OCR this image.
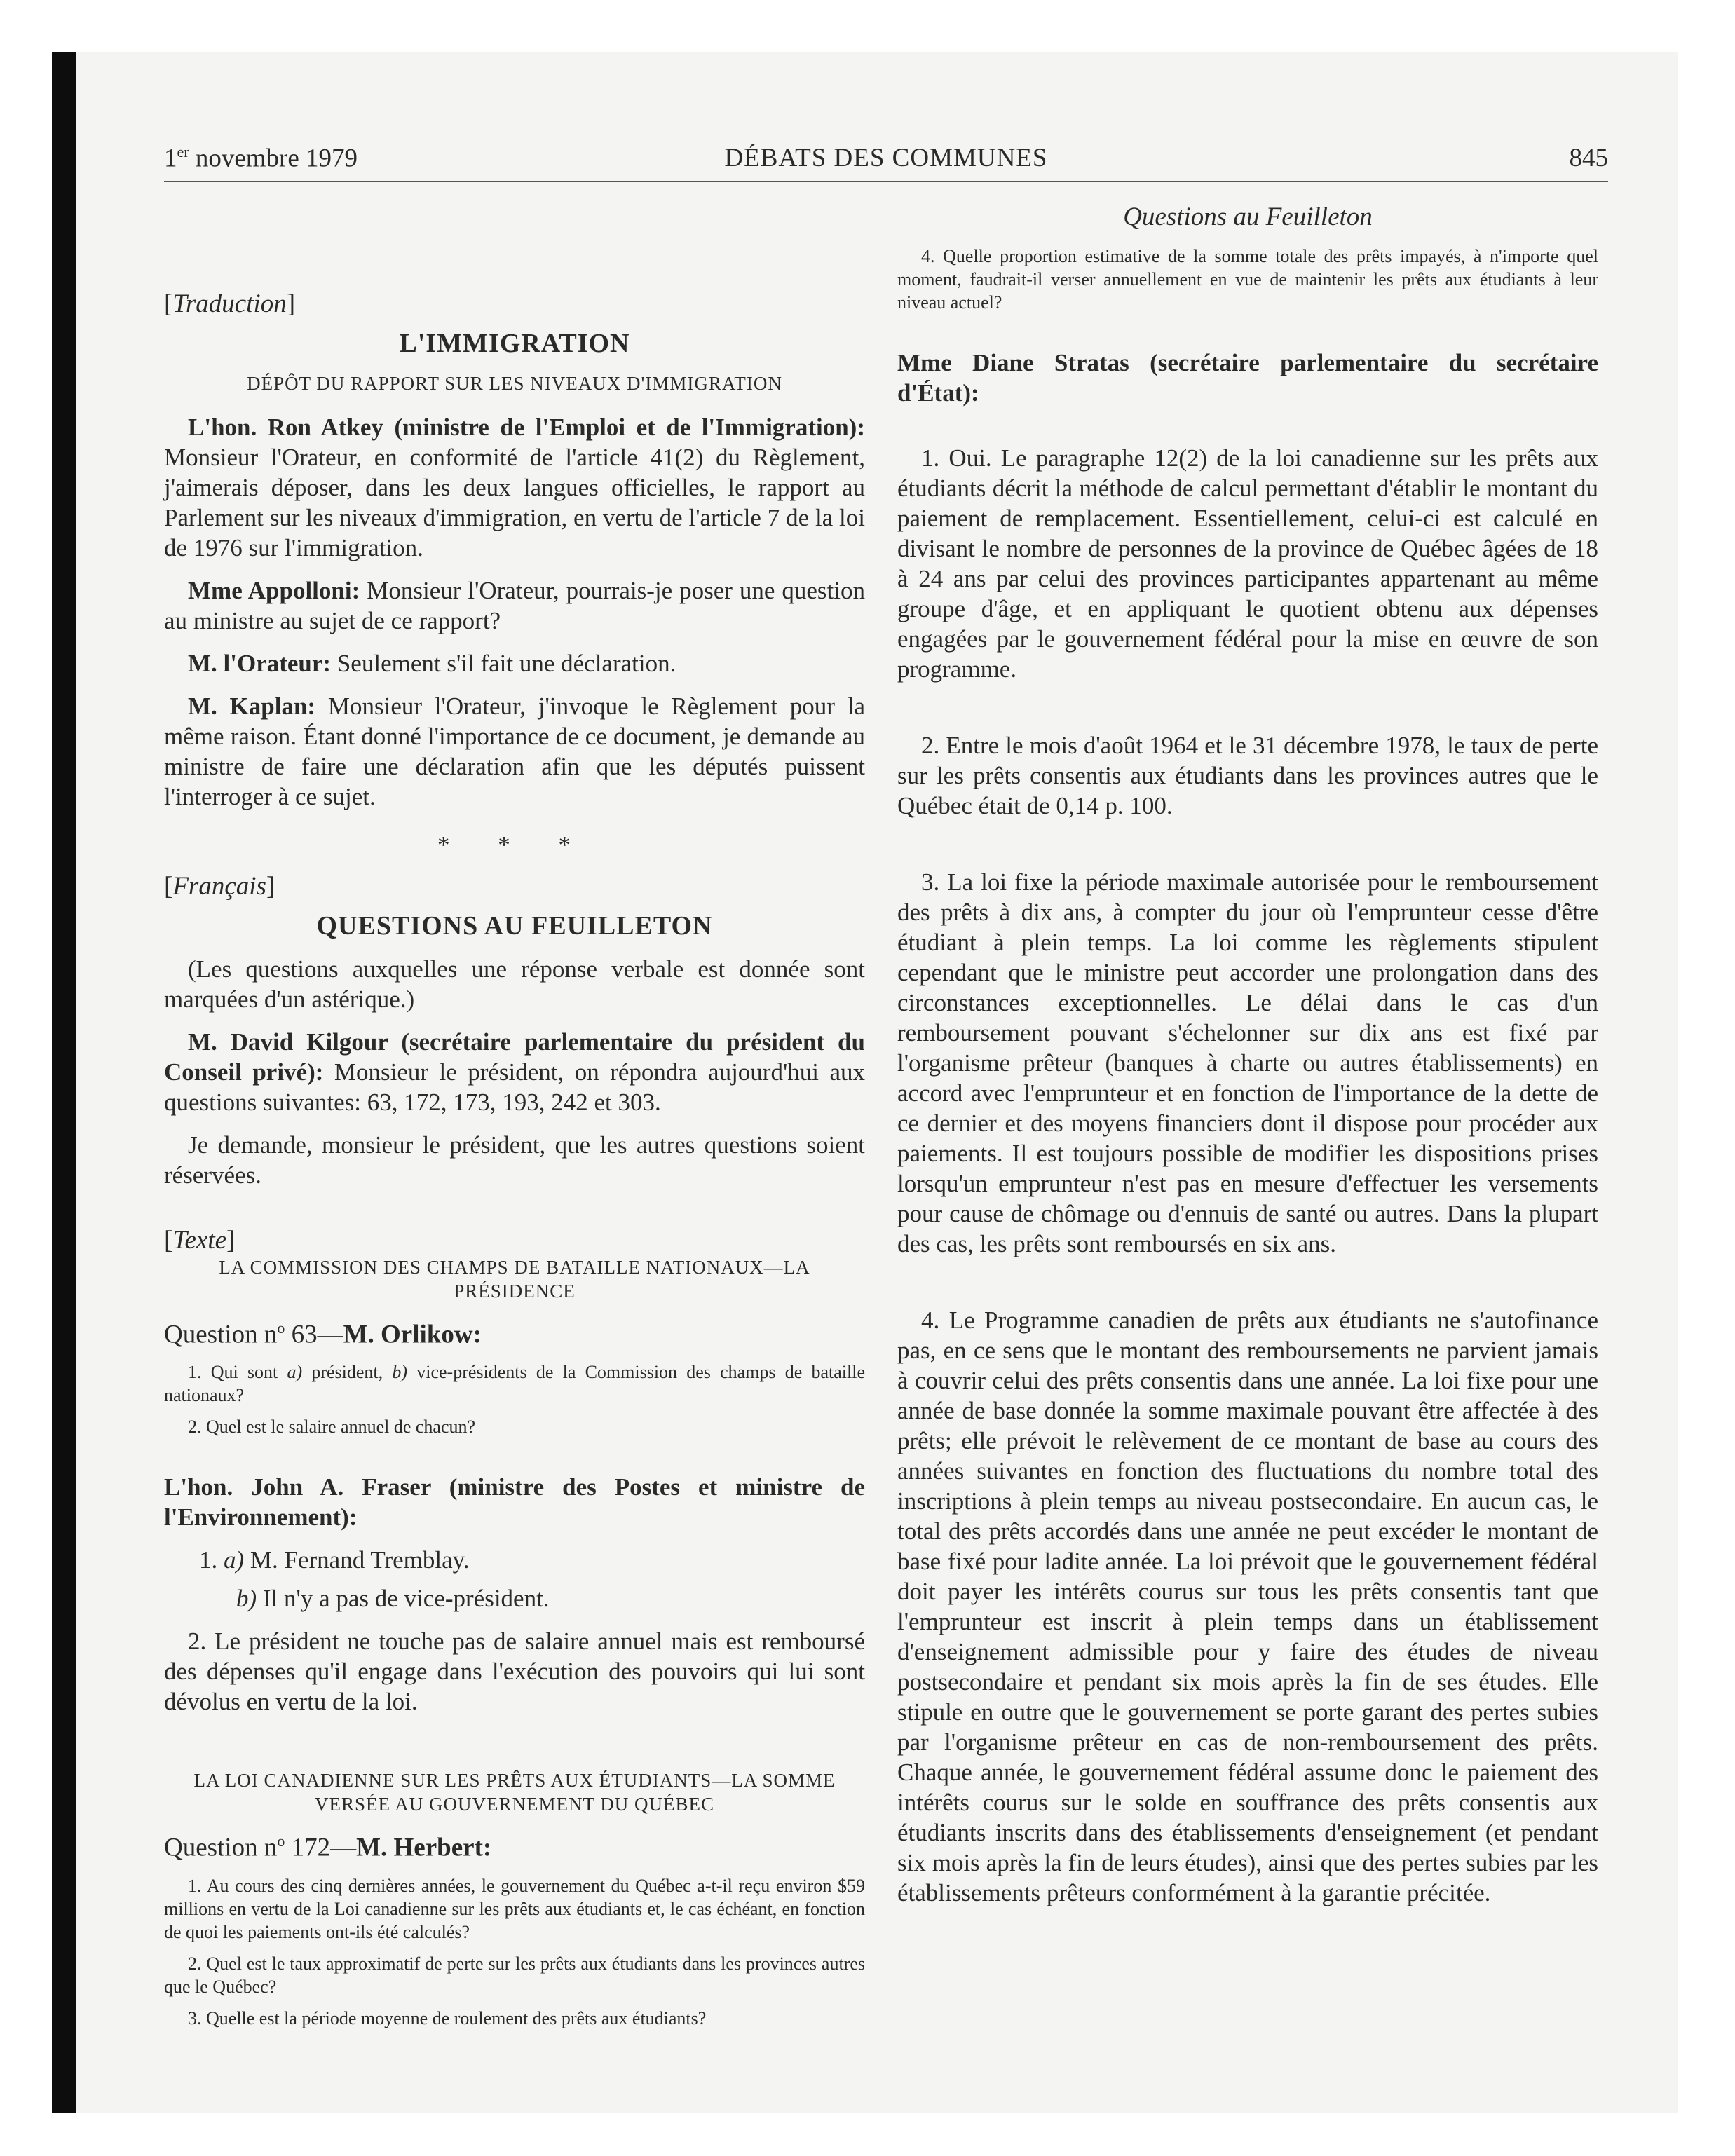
1er novembre 1979	DÉBATS DES COMMUNES	845

[Traduction]

L'IMMIGRATION

DÉPÔT DU RAPPORT SUR LES NIVEAUX D'IMMIGRATION

L'hon. Ron Atkey (ministre de l'Emploi et de l'Immigration): Monsieur l'Orateur, en conformité de l'article 41(2) du Règlement, j'aimerais déposer, dans les deux langues officielles, le rapport au Parlement sur les niveaux d'immigration, en vertu de l'article 7 de la loi de 1976 sur l'immigration.

Mme Appolloni: Monsieur l'Orateur, pourrais-je poser une question au ministre au sujet de ce rapport?

M. l'Orateur: Seulement s'il fait une déclaration.

M. Kaplan: Monsieur l'Orateur, j'invoque le Règlement pour la même raison. Étant donné l'importance de ce document, je demande au ministre de faire une déclaration afin que les députés puissent l'interroger à ce sujet.

* * *

[Français]

QUESTIONS AU FEUILLETON

(Les questions auxquelles une réponse verbale est donnée sont marquées d'un astérique.)

M. David Kilgour (secrétaire parlementaire du président du Conseil privé): Monsieur le président, on répondra aujourd'hui aux questions suivantes: 63, 172, 173, 193, 242 et 303.

Je demande, monsieur le président, que les autres questions soient réservées.

[Texte]

LA COMMISSION DES CHAMPS DE BATAILLE NATIONAUX—LA PRÉSIDENCE

Question $n^o$ 63—M. Orlikow:

1. Qui sont a) président, b) vice-présidents de la Commission des champs de bataille nationaux?

2. Quel est le salaire annuel de chacun?

L'hon. John A. Fraser (ministre des Postes et ministre de l'Environnement):

1. a) M. Fernand Tremblay.

b) Il n'y a pas de vice-président.

2. Le président ne touche pas de salaire annuel mais est remboursé des dépenses qu'il engage dans l'exécution des pouvoirs qui lui sont dévolus en vertu de la loi.

LA LOI CANADIENNE SUR LES PRÊTS AUX ÉTUDIANTS—LA SOMME VERSÉE AU GOUVERNEMENT DU QUÉBEC

Question $n^o$ 172—M. Herbert:

1. Au cours des cinq dernières années, le gouvernement du Québec a-t-il reçu environ $59 millions en vertu de la Loi canadienne sur les prêts aux étudiants et, le cas échéant, en fonction de quoi les paiements ont-ils été calculés?

2. Quel est le taux approximatif de perte sur les prêts aux étudiants dans les provinces autres que le Québec?

3. Quelle est la période moyenne de roulement des prêts aux étudiants?

Questions au Feuilleton

4. Quelle proportion estimative de la somme totale des prêts impayés, à n'importe quel moment, faudrait-il verser annuellement en vue de maintenir les prêts aux étudiants à leur niveau actuel?

Mme Diane Stratas (secrétaire parlementaire du secrétaire d'État):

1. Oui. Le paragraphe 12(2) de la loi canadienne sur les prêts aux étudiants décrit la méthode de calcul permettant d'établir le montant du paiement de remplacement. Essentiellement, celui-ci est calculé en divisant le nombre de personnes de la province de Québec âgées de 18 à 24 ans par celui des provinces participantes appartenant au même groupe d'âge, et en appliquant le quotient obtenu aux dépenses engagées par le gouvernement fédéral pour la mise en œuvre de son programme.

2. Entre le mois d'août 1964 et le 31 décembre 1978, le taux de perte sur les prêts consentis aux étudiants dans les provinces autres que le Québec était de 0,14 p. 100.

3. La loi fixe la période maximale autorisée pour le remboursement des prêts à dix ans, à compter du jour où l'emprunteur cesse d'être étudiant à plein temps. La loi comme les règlements stipulent cependant que le ministre peut accorder une prolongation dans des circonstances exceptionnelles. Le délai dans le cas d'un remboursement pouvant s'échelonner sur dix ans est fixé par l'organisme prêteur (banques à charte ou autres établissements) en accord avec l'emprunteur et en fonction de l'importance de la dette de ce dernier et des moyens financiers dont il dispose pour procéder aux paiements. Il est toujours possible de modifier les dispositions prises lorsqu'un emprunteur n'est pas en mesure d'effectuer les versements pour cause de chômage ou d'ennuis de santé ou autres. Dans la plupart des cas, les prêts sont remboursés en six ans.

4. Le Programme canadien de prêts aux étudiants ne s'autofinance pas, en ce sens que le montant des remboursements ne parvient jamais à couvrir celui des prêts consentis dans une année. La loi fixe pour une année de base donnée la somme maximale pouvant être affectée à des prêts; elle prévoit le relèvement de ce montant de base au cours des années suivantes en fonction des fluctuations du nombre total des inscriptions à plein temps au niveau postsecondaire. En aucun cas, le total des prêts accordés dans une année ne peut excéder le montant de base fixé pour ladite année. La loi prévoit que le gouvernement fédéral doit payer les intérêts courus sur tous les prêts consentis tant que l'emprunteur est inscrit à plein temps dans un établissement d'enseignement admissible pour y faire des études de niveau postsecondaire et pendant six mois après la fin de ses études. Elle stipule en outre que le gouvernement se porte garant des pertes subies par l'organisme prêteur en cas de non-remboursement des prêts. Chaque année, le gouvernement fédéral assume donc le paiement des intérêts courus sur le solde en souffrance des prêts consentis aux étudiants inscrits dans des établissements d'enseignement (et pendant six mois après la fin de leurs études), ainsi que des pertes subies par les établissements prêteurs conformément à la garantie précitée.
